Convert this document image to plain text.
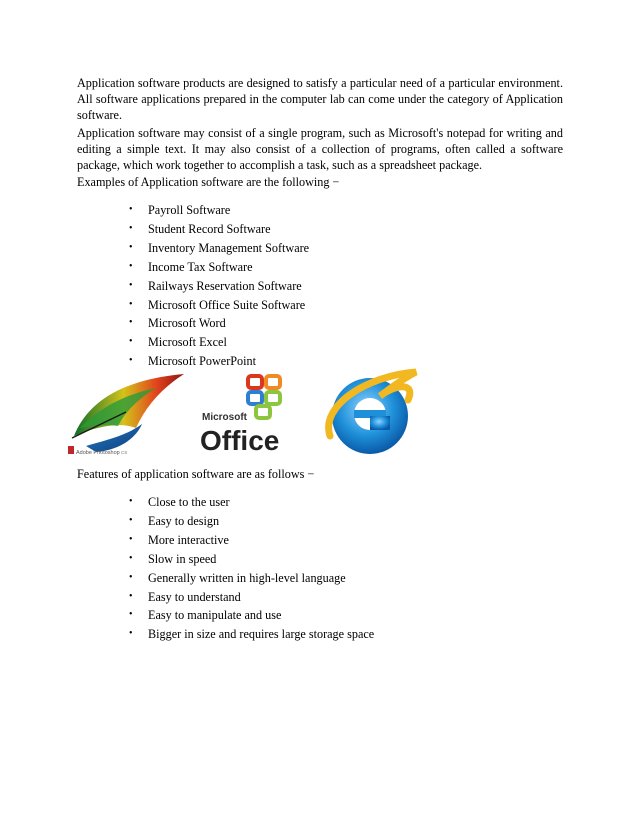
Application software products are designed to satisfy a particular need of a particular environment. All software applications prepared in the computer lab can come under the category of Application software.

Application software may consist of a single program, such as Microsoft's notepad for writing and editing a simple text. It may also consist of a collection of programs, often called a software package, which work together to accomplish a task, such as a spreadsheet package.

Examples of Application software are the following −

• Payroll Software
• Student Record Software
• Inventory Management Software
• Income Tax Software
• Railways Reservation Software
• Microsoft Office Suite Software
• Microsoft Word
• Microsoft Excel
• Microsoft PowerPoint
Adobe Photoshop CS
Microsoft
Office

Features of application software are as follows −

• Close to the user
• Easy to design
• More interactive
• Slow in speed
• Generally written in high-level language
• Easy to understand
• Easy to manipulate and use
• Bigger in size and requires large storage space
